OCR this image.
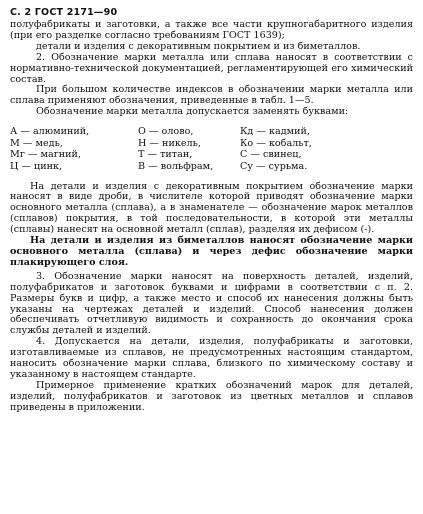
С. 2 ГОСТ 2171—90

полуфабрикаты и заготовки, а также все части крупногабаритного изделия (при его разделке согласно требованиям ГОСТ 1639);

детали и изделия с декоративным покрытием и из биметаллов.

2. Обозначение марки металла или сплава наносят в соответствии с нормативно-технической документацией, регламентирующей его химический состав.

При большом количестве индексов в обозначении марки металла или сплава применяют обозначения, приведенные в табл. 1—5.

Обозначение марки металла допускается заменять буквами:

А — алюминий,	О — олово,	Кд — кадмий,
М — медь,	Н — никель,	Ко — кобальт,
Мг — магний,	Т — титан,	С — свинец,
Ц — цинк,	В — вольфрам,	Су — сурьма.

На детали и изделия с декоративным покрытием обозначение марки наносят в виде дроби, в числителе которой приводят обозначение марки основного металла (сплава), а в знаменателе — обозначение марок металлов (сплавов) покрытия, в той последовательности, в которой эти металлы (сплавы) нанесят на основной металл (сплав), разделяя их дефисом (-).

На детали и изделия из биметаллов наносят обозначение марки основного металла (сплава) и через дефис обозначение марки плакирующего слоя.

3. Обозначение марки наносят на поверхность деталей, изделий, полуфабрикатов и заготовок буквами и цифрами в соответствии с п. 2. Размеры букв и цифр, а также место и способ их нанесения должны быть указаны на чертежах деталей и изделий. Способ нанесения должен обеспечивать отчетливую видимость и сохранность до окончания срока службы деталей и изделий.

4. Допускается на детали, изделия, полуфабрикаты и заготовки, изготавливаемые из сплавов, не предусмотренных настоящим стандартом, наносить обозначение марки сплава, близкого по химическому составу и указанному в настоящем стандарте.

Примерное применение кратких обозначений марок для деталей, изделий, полуфабрикатов и заготовок из цветных металлов и сплавов приведены в приложении.
